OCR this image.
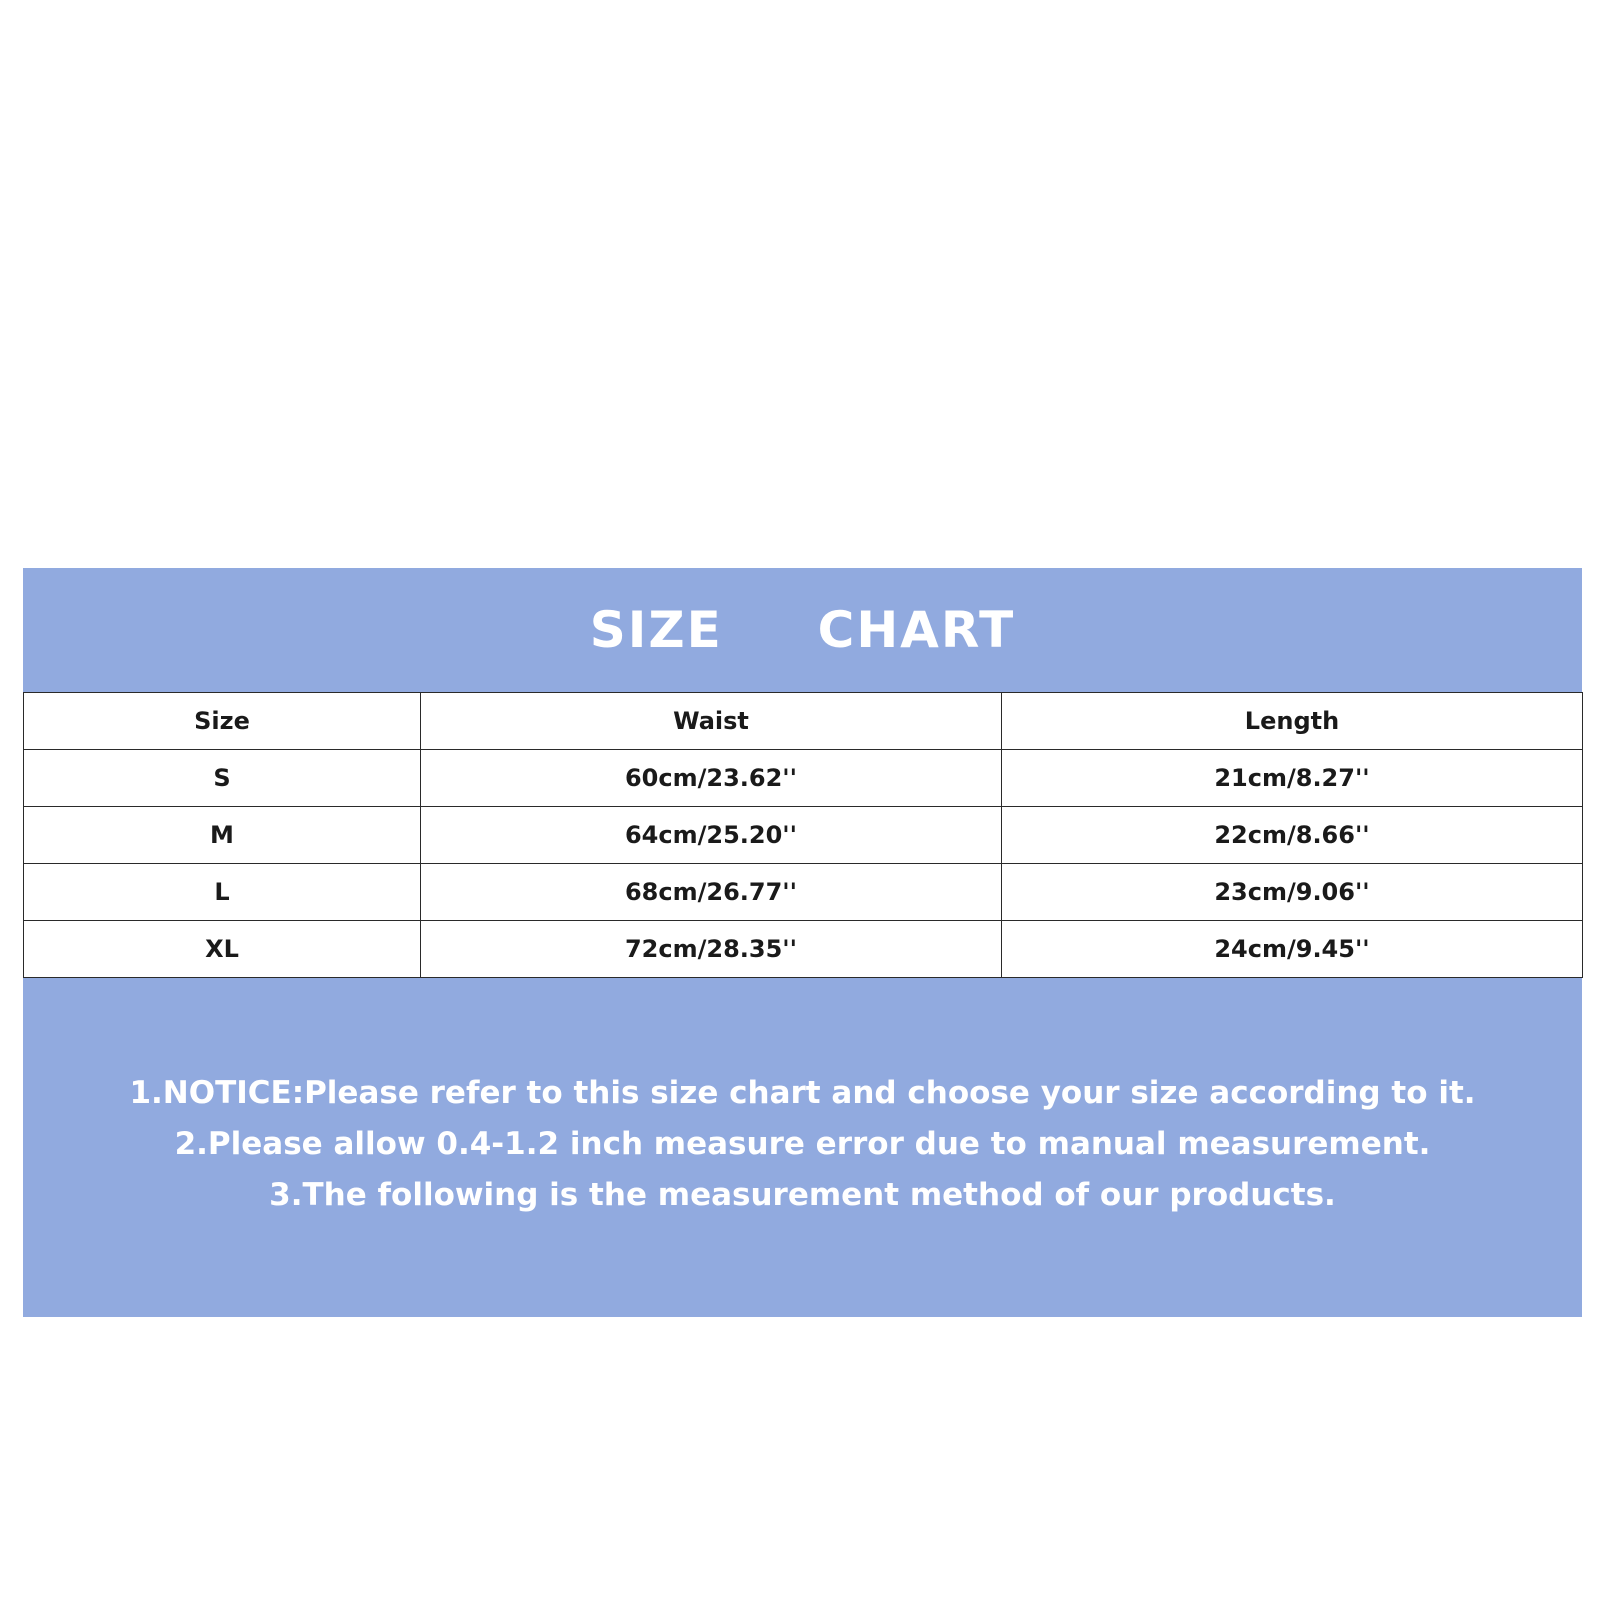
SIZE  CHART
Size	Waist	Length
S	60cm/23.62''	21cm/8.27''
M	64cm/25.20''	22cm/8.66''
L	68cm/26.77''	23cm/9.06''
XL	72cm/28.35''	24cm/9.45''
1.NOTICE:Please refer to this size chart and choose your size according to it.
2.Please allow 0.4-1.2 inch measure error due to manual measurement.
3.The following is the measurement method of our products.
